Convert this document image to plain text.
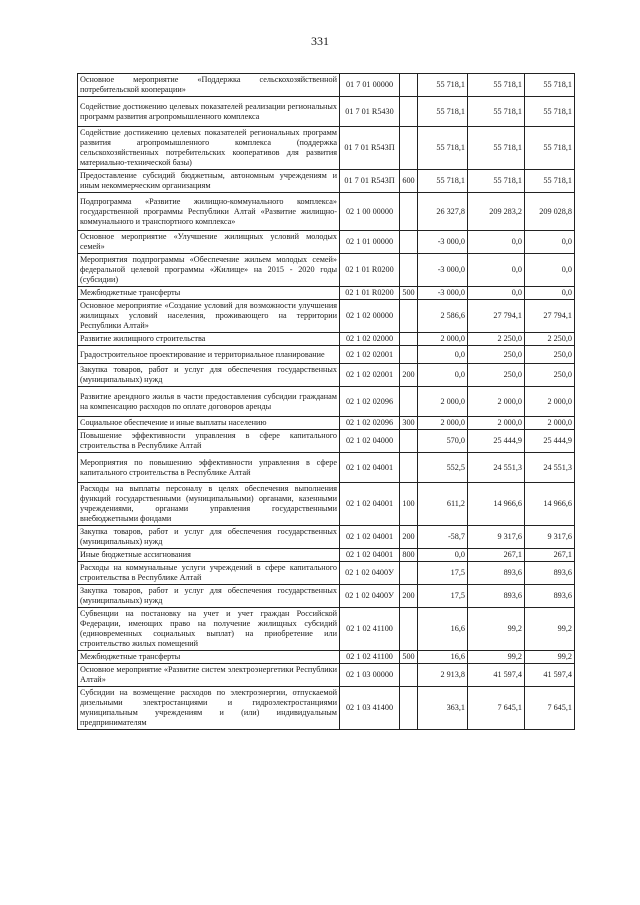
331
Основное мероприятие «Поддержка сельскохозяйственной потребительской кооперации»	01 7 01 00000		55 718,1	55 718,1	55 718,1
Содействие достижению целевых показателей реализации региональных программ развития агропромышленного комплекса	01 7 01 R5430		55 718,1	55 718,1	55 718,1
Содействие достижению целевых показателей региональных программ развития агропромышленного комплекса (поддержка сельскохозяйственных потребительских кооперативов для развития материально-технической базы)	01 7 01 R543П		55 718,1	55 718,1	55 718,1
Предоставление субсидий бюджетным, автономным учреждениям и иным некоммерческим организациям	01 7 01 R543П	600	55 718,1	55 718,1	55 718,1
Подпрограмма «Развитие жилищно-коммунального комплекса» государственной программы Республики Алтай «Развитие жилищно-коммунального и транспортного комплекса»	02 1 00 00000		26 327,8	209 283,2	209 028,8
Основное мероприятие «Улучшение жилищных условий молодых семей»	02 1 01 00000		-3 000,0	0,0	0,0
Мероприятия подпрограммы «Обеспечение жильем молодых семей» федеральной целевой программы «Жилище» на 2015 - 2020 годы (субсидии)	02 1 01 R0200		-3 000,0	0,0	0,0
Межбюджетные трансферты	02 1 01 R0200	500	-3 000,0	0,0	0,0
Основное мероприятие «Создание условий для возможности улучшения жилищных условий населения, проживающего на территории Республики Алтай»	02 1 02 00000		2 586,6	27 794,1	27 794,1
Развитие жилищного строительства	02 1 02 02000		2 000,0	2 250,0	2 250,0
Градостроительное проектирование и территориальное планирование	02 1 02 02001		0,0	250,0	250,0
Закупка товаров, работ и услуг для обеспечения государственных (муниципальных) нужд	02 1 02 02001	200	0,0	250,0	250,0
Развитие арендного жилья в части предоставления субсидии гражданам на компенсацию расходов по оплате договоров аренды	02 1 02 02096		2 000,0	2 000,0	2 000,0
Социальное обеспечение и иные выплаты населению	02 1 02 02096	300	2 000,0	2 000,0	2 000,0
Повышение эффективности управления в сфере капитального строительства в Республике Алтай	02 1 02 04000		570,0	25 444,9	25 444,9
Мероприятия по повышению эффективности управления в сфере капитального строительства в Республике Алтай	02 1 02 04001		552,5	24 551,3	24 551,3
Расходы на выплаты персоналу в целях обеспечения выполнения функций государственными (муниципальными) органами, казенными учреждениями, органами управления государственными внебюджетными фондами	02 1 02 04001	100	611,2	14 966,6	14 966,6
Закупка товаров, работ и услуг для обеспечения государственных (муниципальных) нужд	02 1 02 04001	200	-58,7	9 317,6	9 317,6
Иные бюджетные ассигнования	02 1 02 04001	800	0,0	267,1	267,1
Расходы на коммунальные услуги учреждений в сфере капитального строительства в Республике Алтай	02 1 02 0400У		17,5	893,6	893,6
Закупка товаров, работ и услуг для обеспечения государственных (муниципальных) нужд	02 1 02 0400У	200	17,5	893,6	893,6
Субвенции на постановку на учет и учет граждан Российской Федерации, имеющих право на получение жилищных субсидий (единовременных социальных выплат) на приобретение или строительство жилых помещений	02 1 02 41100		16,6	99,2	99,2
Межбюджетные трансферты	02 1 02 41100	500	16,6	99,2	99,2
Основное мероприятие «Развитие систем электроэнергетики Республики Алтай»	02 1 03 00000		2 913,8	41 597,4	41 597,4
Субсидии на возмещение расходов по электроэнергии, отпускаемой дизельными электростанциями и гидроэлектростанциями муниципальным учреждениям и (или) индивидуальным предпринимателям	02 1 03 41400		363,1	7 645,1	7 645,1
